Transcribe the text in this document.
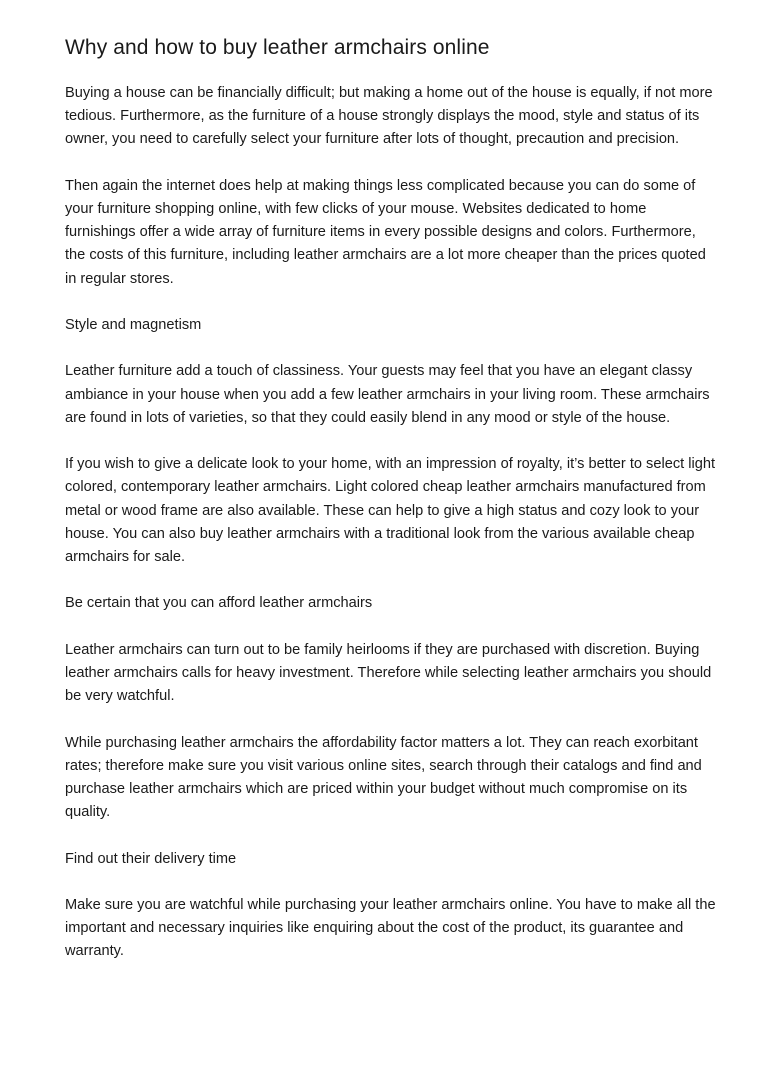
Why and how to buy leather armchairs online

Buying a house can be financially difficult; but making a home out of the house is equally, if not more tedious. Furthermore, as the furniture of a house strongly displays the mood, style and status of its owner, you need to carefully select your furniture after lots of thought, precaution and precision.

Then again the internet does help at making things less complicated because you can do some of your furniture shopping online, with few clicks of your mouse. Websites dedicated to home furnishings offer a wide array of furniture items in every possible designs and colors. Furthermore, the costs of this furniture, including leather armchairs are a lot more cheaper than the prices quoted in regular stores.

Style and magnetism

Leather furniture add a touch of classiness. Your guests may feel that you have an elegant classy ambiance in your house when you add a few leather armchairs in your living room. These armchairs are found in lots of varieties, so that they could easily blend in any mood or style of the house.

If you wish to give a delicate look to your home, with an impression of royalty, it’s better to select light colored, contemporary leather armchairs. Light colored cheap leather armchairs manufactured from metal or wood frame are also available. These can help to give a high status and cozy look to your house. You can also buy leather armchairs with a traditional look from the various available cheap armchairs for sale.

Be certain that you can afford leather armchairs

Leather armchairs can turn out to be family heirlooms if they are purchased with discretion. Buying leather armchairs calls for heavy investment. Therefore while selecting leather armchairs you should be very watchful.

While purchasing leather armchairs the affordability factor matters a lot. They can reach exorbitant rates; therefore make sure you visit various online sites, search through their catalogs and find and purchase leather armchairs which are priced within your budget without much compromise on its quality.

Find out their delivery time

Make sure you are watchful while purchasing your leather armchairs online. You have to make all the important and necessary inquiries like enquiring about the cost of the product, its guarantee and warranty.
